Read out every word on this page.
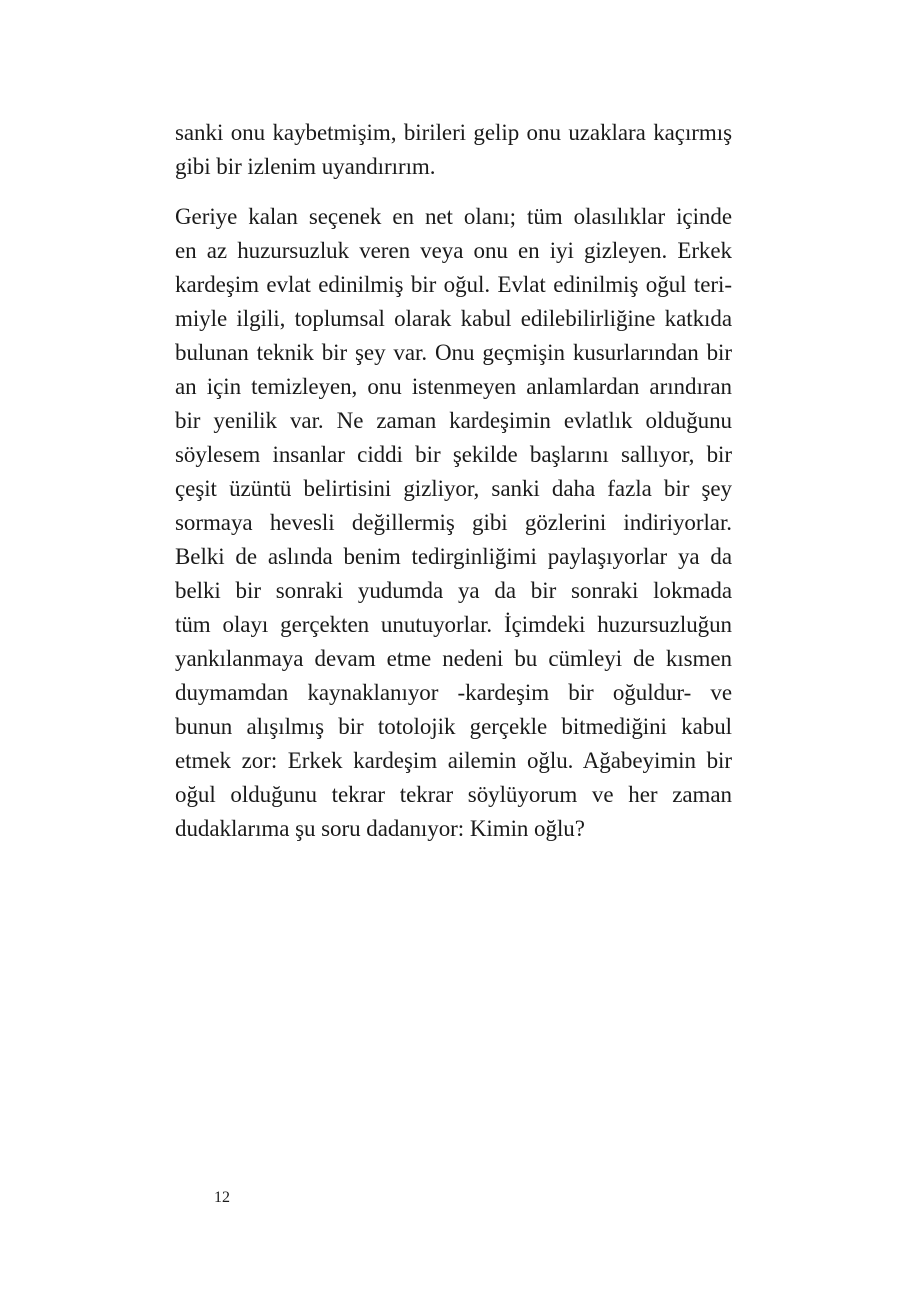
sanki onu kaybetmişim, birileri gelip onu uzaklara kaçırmış
gibi bir izlenim uyandırırım.

Geriye kalan seçenek en net olanı; tüm olasılıklar içinde
en az huzursuzluk veren veya onu en iyi gizleyen. Erkek
kardeşim evlat edinilmiş bir oğul. Evlat edinilmiş oğul teri-
miyle ilgili, toplumsal olarak kabul edilebilirliğine katkıda
bulunan teknik bir şey var. Onu geçmişin kusurlarından bir
an için temizleyen, onu istenmeyen anlamlardan arındıran
bir yenilik var. Ne zaman kardeşimin evlatlık olduğunu
söylesem insanlar ciddi bir şekilde başlarını sallıyor, bir
çeşit üzüntü belirtisini gizliyor, sanki daha fazla bir şey
sormaya hevesli değillermiş gibi gözlerini indiriyorlar.
Belki de aslında benim tedirginliğimi paylaşıyorlar ya da
belki bir sonraki yudumda ya da bir sonraki lokmada
tüm olayı gerçekten unutuyorlar. İçimdeki huzursuzluğun
yankılanmaya devam etme nedeni bu cümleyi de kısmen
duymamdan kaynaklanıyor -kardeşim bir oğuldur- ve
bunun alışılmış bir totolojik gerçekle bitmediğini kabul
etmek zor: Erkek kardeşim ailemin oğlu. Ağabeyimin bir
oğul olduğunu tekrar tekrar söylüyorum ve her zaman
dudaklarıma şu soru dadanıyor: Kimin oğlu?

12
